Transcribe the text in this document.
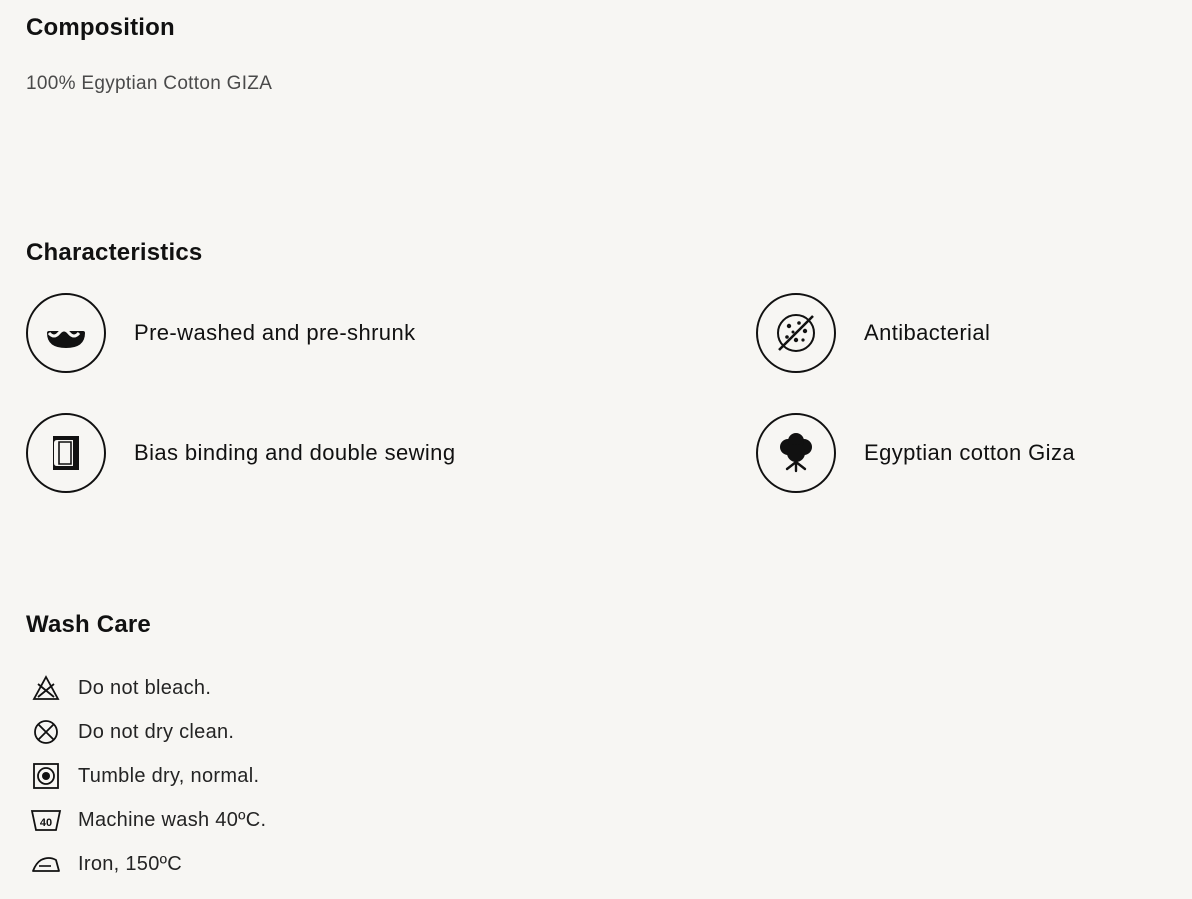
Composition

100% Egyptian Cotton GIZA

Characteristics
Pre-washed and pre-shrunk	Antibacterial
Bias binding and double sewing	Egyptian cotton Giza
Wash Care
Do not bleach.
Do not dry clean.
Tumble dry, normal.
40 Machine wash 40ºC.
Iron, 150ºC
